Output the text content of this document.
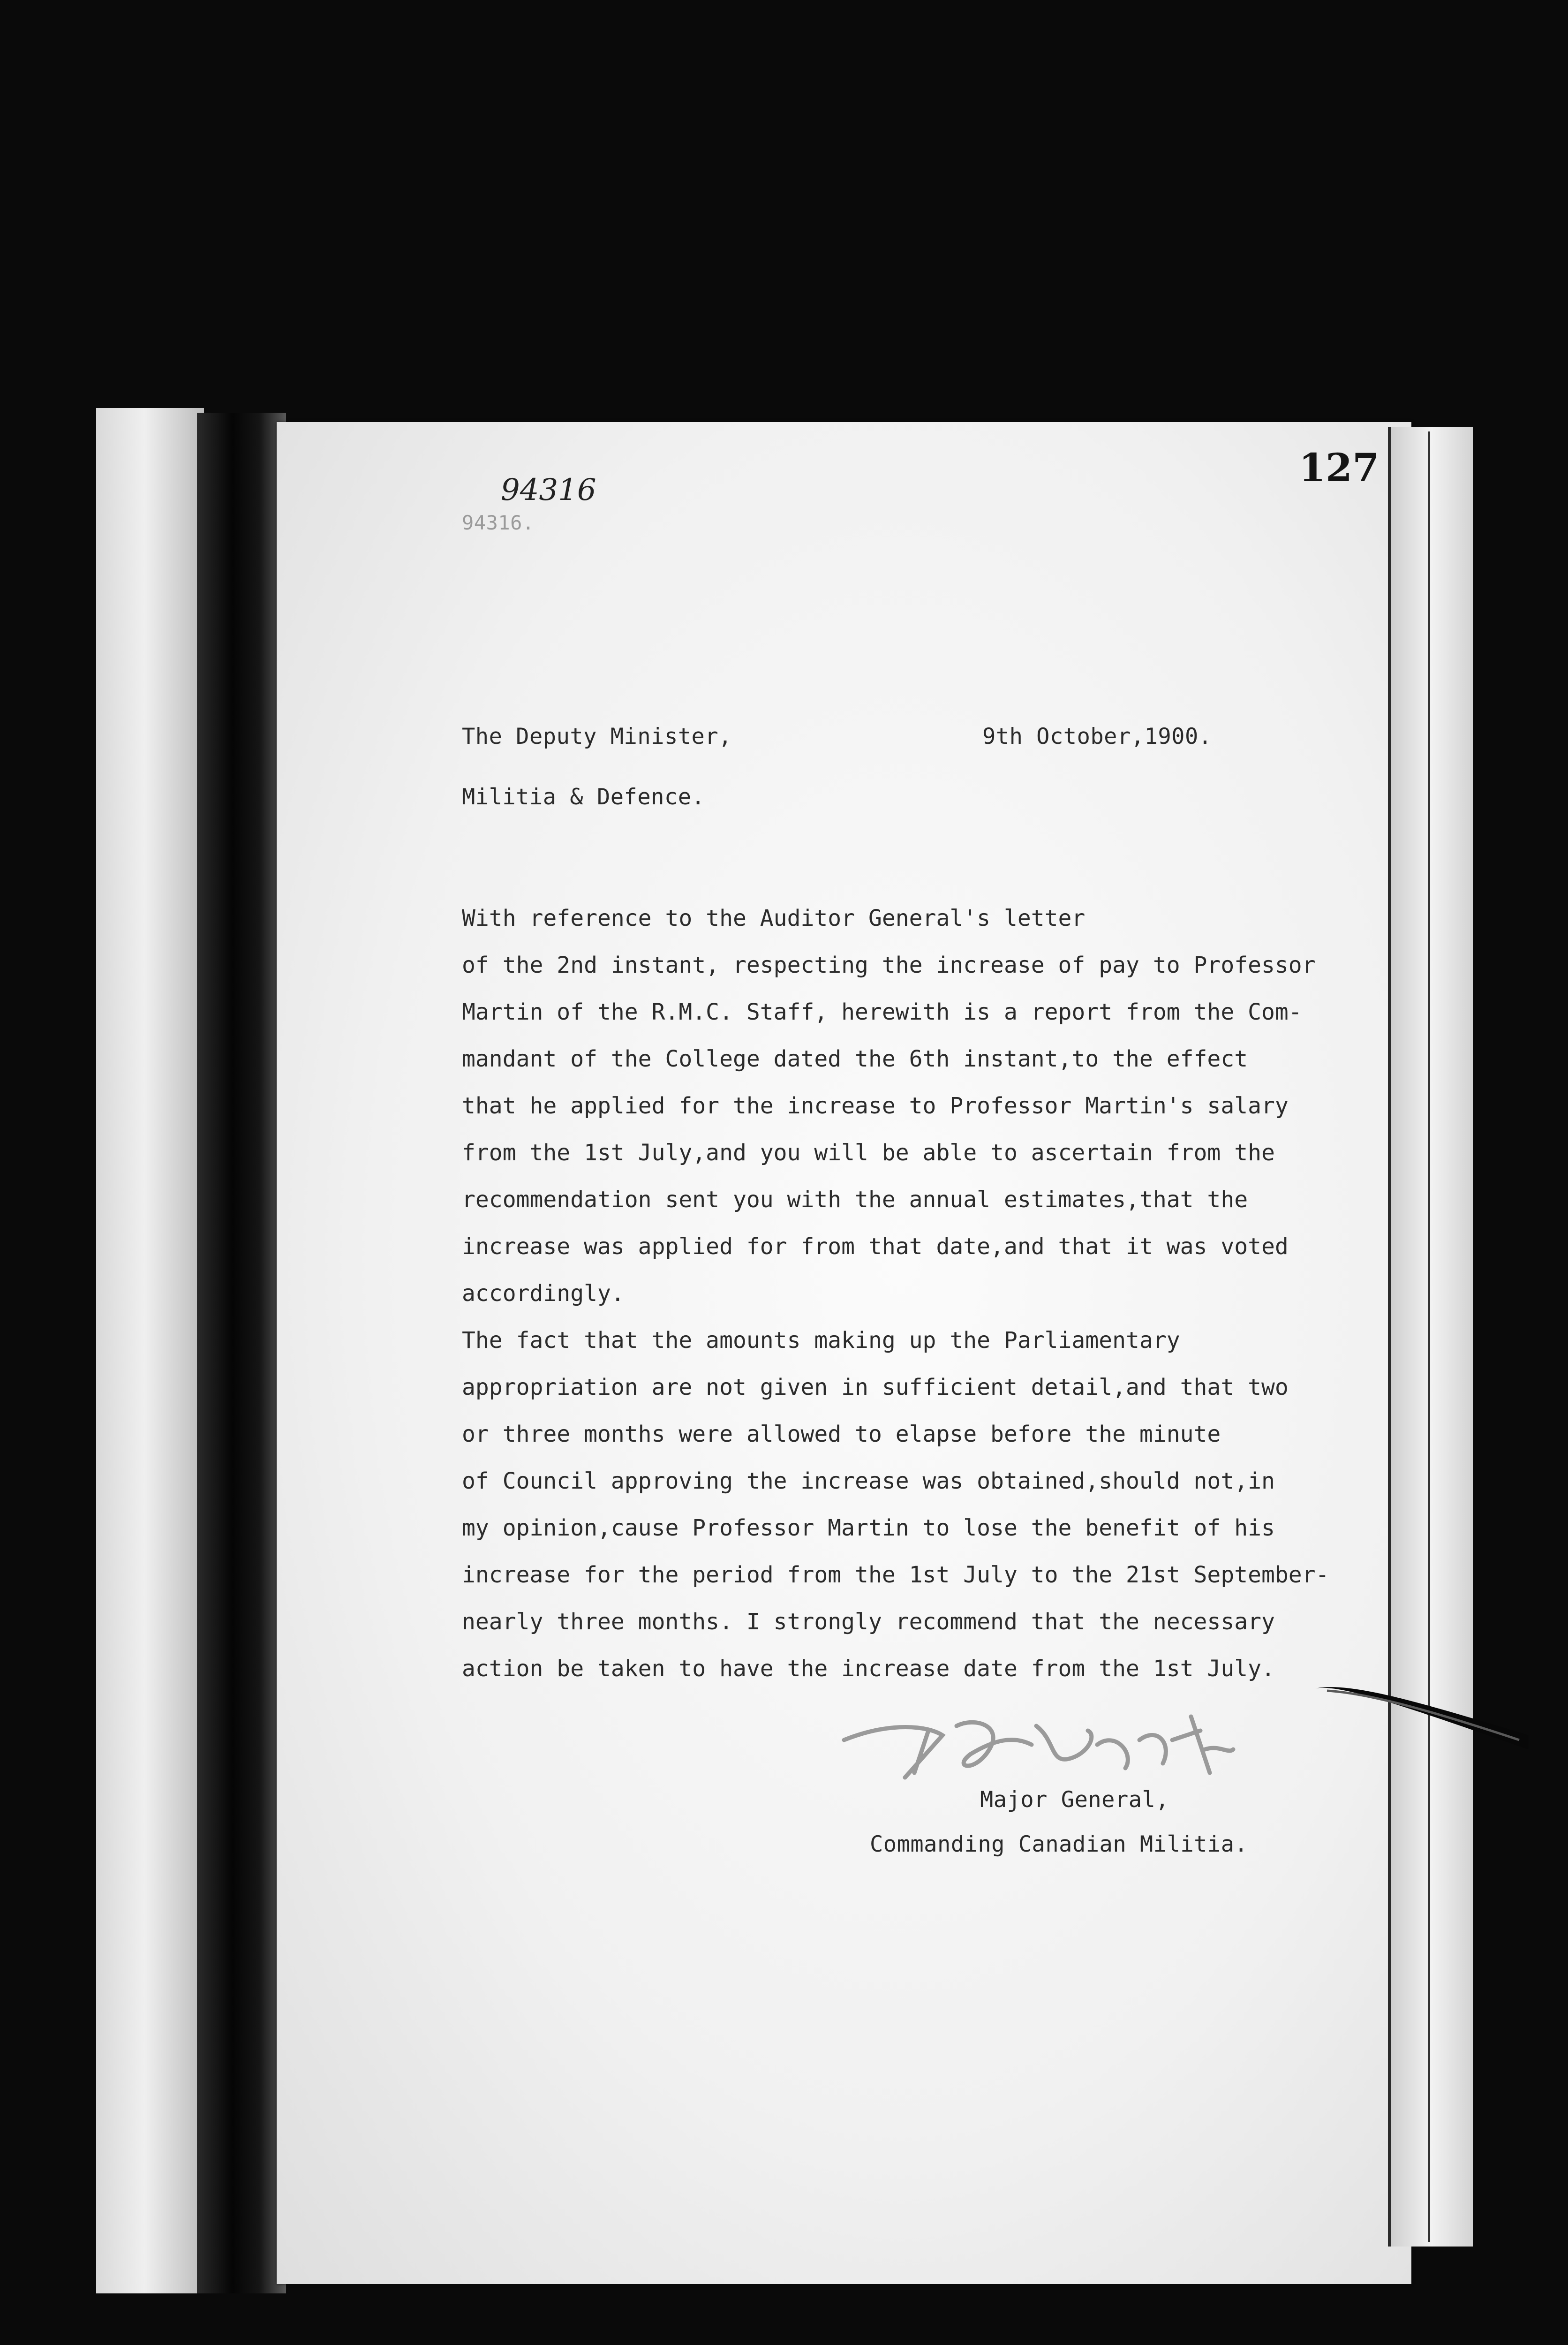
127
94316
94316.
The Deputy Minister,	9th October,1900.
Militia & Defence.
With reference to the Auditor General's letter
of the 2nd instant, respecting the increase of pay to Professor
Martin of the R.M.C. Staff, herewith is a report from the Com-
mandant of the College dated the 6th instant,to the effect
that he applied for the increase to Professor Martin's salary
from the 1st July,and you will be able to ascertain from the
recommendation sent you with the annual estimates,that the
increase was applied for from that date,and that it was voted
accordingly.
The fact that the amounts making up the Parliamentary
appropriation are not given in sufficient detail,and that two
or three months were allowed to elapse before the minute
of Council approving the increase was obtained,should not,in
my opinion,cause Professor Martin to lose the benefit of his
increase for the period from the 1st July to the 21st September-
nearly three months. I strongly recommend that the necessary
action be taken to have the increase date from the 1st July.
Major General,
Commanding Canadian Militia.
